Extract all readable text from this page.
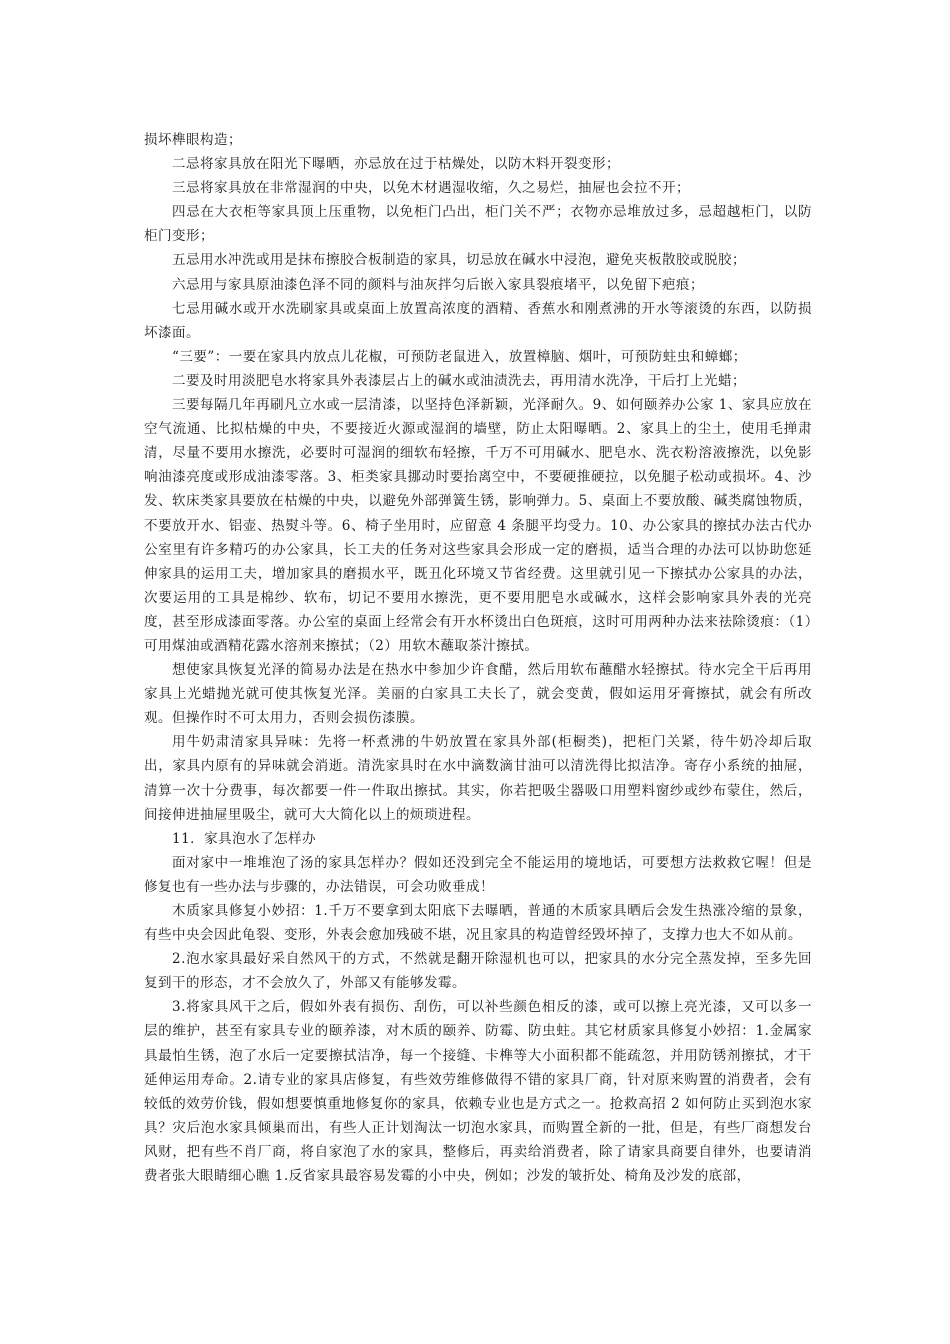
损坏榫眼构造；

二忌将家具放在阳光下曝晒，亦忌放在过于枯燥处，以防木料开裂变形；

三忌将家具放在非常湿润的中央，以免木材遇湿收缩，久之易烂，抽屉也会拉不开；

四忌在大衣柜等家具顶上压重物，以免柜门凸出，柜门关不严；衣物亦忌堆放过多，忌超越柜门，以防柜门变形；

五忌用水冲洗或用是抹布擦胶合板制造的家具，切忌放在碱水中浸泡，避免夹板散胶或脱胶；

六忌用与家具原油漆色泽不同的颜料与油灰拌匀后嵌入家具裂痕堵平，以免留下疤痕；

七忌用碱水或开水洗刷家具或桌面上放置高浓度的酒精、香蕉水和刚煮沸的开水等滚烫的东西，以防损坏漆面。

“三要”：一要在家具内放点儿花椒，可预防老鼠进入，放置樟脑、烟叶，可预防蛀虫和蟑螂；

二要及时用淡肥皂水将家具外表漆层占上的碱水或油渍洗去，再用清水洗净，干后打上光蜡；

三要每隔几年再刷凡立水或一层清漆，以坚持色泽新颖，光泽耐久。9、如何颐养办公家 1、家具应放在空气流通、比拟枯燥的中央，不要接近火源或湿润的墙壁，防止太阳曝晒。2、家具上的尘土，使用毛掸肃清，尽量不要用水擦洗，必要时可湿润的细软布轻擦，千万不可用碱水、肥皂水、洗衣粉溶液擦洗，以免影响油漆亮度或形成油漆零落。3、柜类家具挪动时要抬离空中，不要硬推硬拉，以免腿子松动或损坏。4、沙发、软床类家具要放在枯燥的中央，以避免外部弹簧生锈，影响弹力。5、桌面上不要放酸、碱类腐蚀物质，不要放开水、铝壶、热熨斗等。6、椅子坐用时，应留意 4 条腿平均受力。10、办公家具的擦拭办法古代办公室里有许多精巧的办公家具，长工夫的任务对这些家具会形成一定的磨损，适当合理的办法可以协助您延伸家具的运用工夫，增加家具的磨损水平，既丑化环境又节省经费。这里就引见一下擦拭办公家具的办法，次要运用的工具是棉纱、软布，切记不要用水擦洗，更不要用肥皂水或碱水，这样会影响家具外表的光亮度，甚至形成漆面零落。办公室的桌面上经常会有开水杯烫出白色斑痕，这时可用两种办法来祛除烫痕：（1）可用煤油或酒精花露水溶剂来擦拭；（2）用软木蘸取茶汁擦拭。

想使家具恢复光泽的简易办法是在热水中参加少许食醋，然后用软布蘸醋水轻擦拭。待水完全干后再用家具上光蜡抛光就可使其恢复光泽。美丽的白家具工夫长了，就会变黄，假如运用牙膏擦拭，就会有所改观。但操作时不可太用力，否则会损伤漆膜。

用牛奶肃清家具异味：先将一杯煮沸的牛奶放置在家具外部(柜橱类)，把柜门关紧，待牛奶冷却后取出，家具内原有的异味就会消逝。清洗家具时在水中滴数滴甘油可以清洗得比拟洁净。寄存小系统的抽屉，清算一次十分费事，每次都要一件一件取出擦拭。其实，你若把吸尘器吸口用塑料窗纱或纱布蒙住，然后，间接伸进抽屉里吸尘，就可大大简化以上的烦琐进程。

11．家具泡水了怎样办

面对家中一堆堆泡了汤的家具怎样办？假如还没到完全不能运用的境地话，可要想方法救救它喔！但是修复也有一些办法与步骤的，办法错误，可会功败垂成！

木质家具修复小妙招：1.千万不要拿到太阳底下去曝晒，普通的木质家具晒后会发生热涨冷缩的景象，有些中央会因此龟裂、变形，外表会愈加残破不堪，况且家具的构造曾经毁坏掉了，支撑力也大不如从前。

2.泡水家具最好采自然风干的方式，不然就是翻开除湿机也可以，把家具的水分完全蒸发掉，至多先回复到干的形态，才不会放久了，外部又有能够发霉。

3.将家具风干之后，假如外表有损伤、刮伤，可以补些颜色相反的漆，或可以擦上亮光漆，又可以多一层的维护，甚至有家具专业的颐养漆，对木质的颐养、防霉、防虫蛀。其它材质家具修复小妙招：1.金属家具最怕生锈，泡了水后一定要擦拭洁净，每一个接缝、卡榫等大小面积都不能疏忽，并用防锈剂擦拭，才干延伸运用寿命。2.请专业的家具店修复，有些效劳维修做得不错的家具厂商，针对原来购置的消费者，会有较低的效劳价钱，假如想要慎重地修复你的家具，依赖专业也是方式之一。抢救高招 2 如何防止买到泡水家具？灾后泡水家具倾巢而出，有些人正计划淘汰一切泡水家具，而购置全新的一批，但是，有些厂商想发台风财，把有些不肖厂商，将自家泡了水的家具，整修后，再卖给消费者，除了请家具商要自律外，也要请消费者张大眼睛细心瞧 1.反省家具最容易发霉的小中央，例如；沙发的皱折处、椅角及沙发的底部，
